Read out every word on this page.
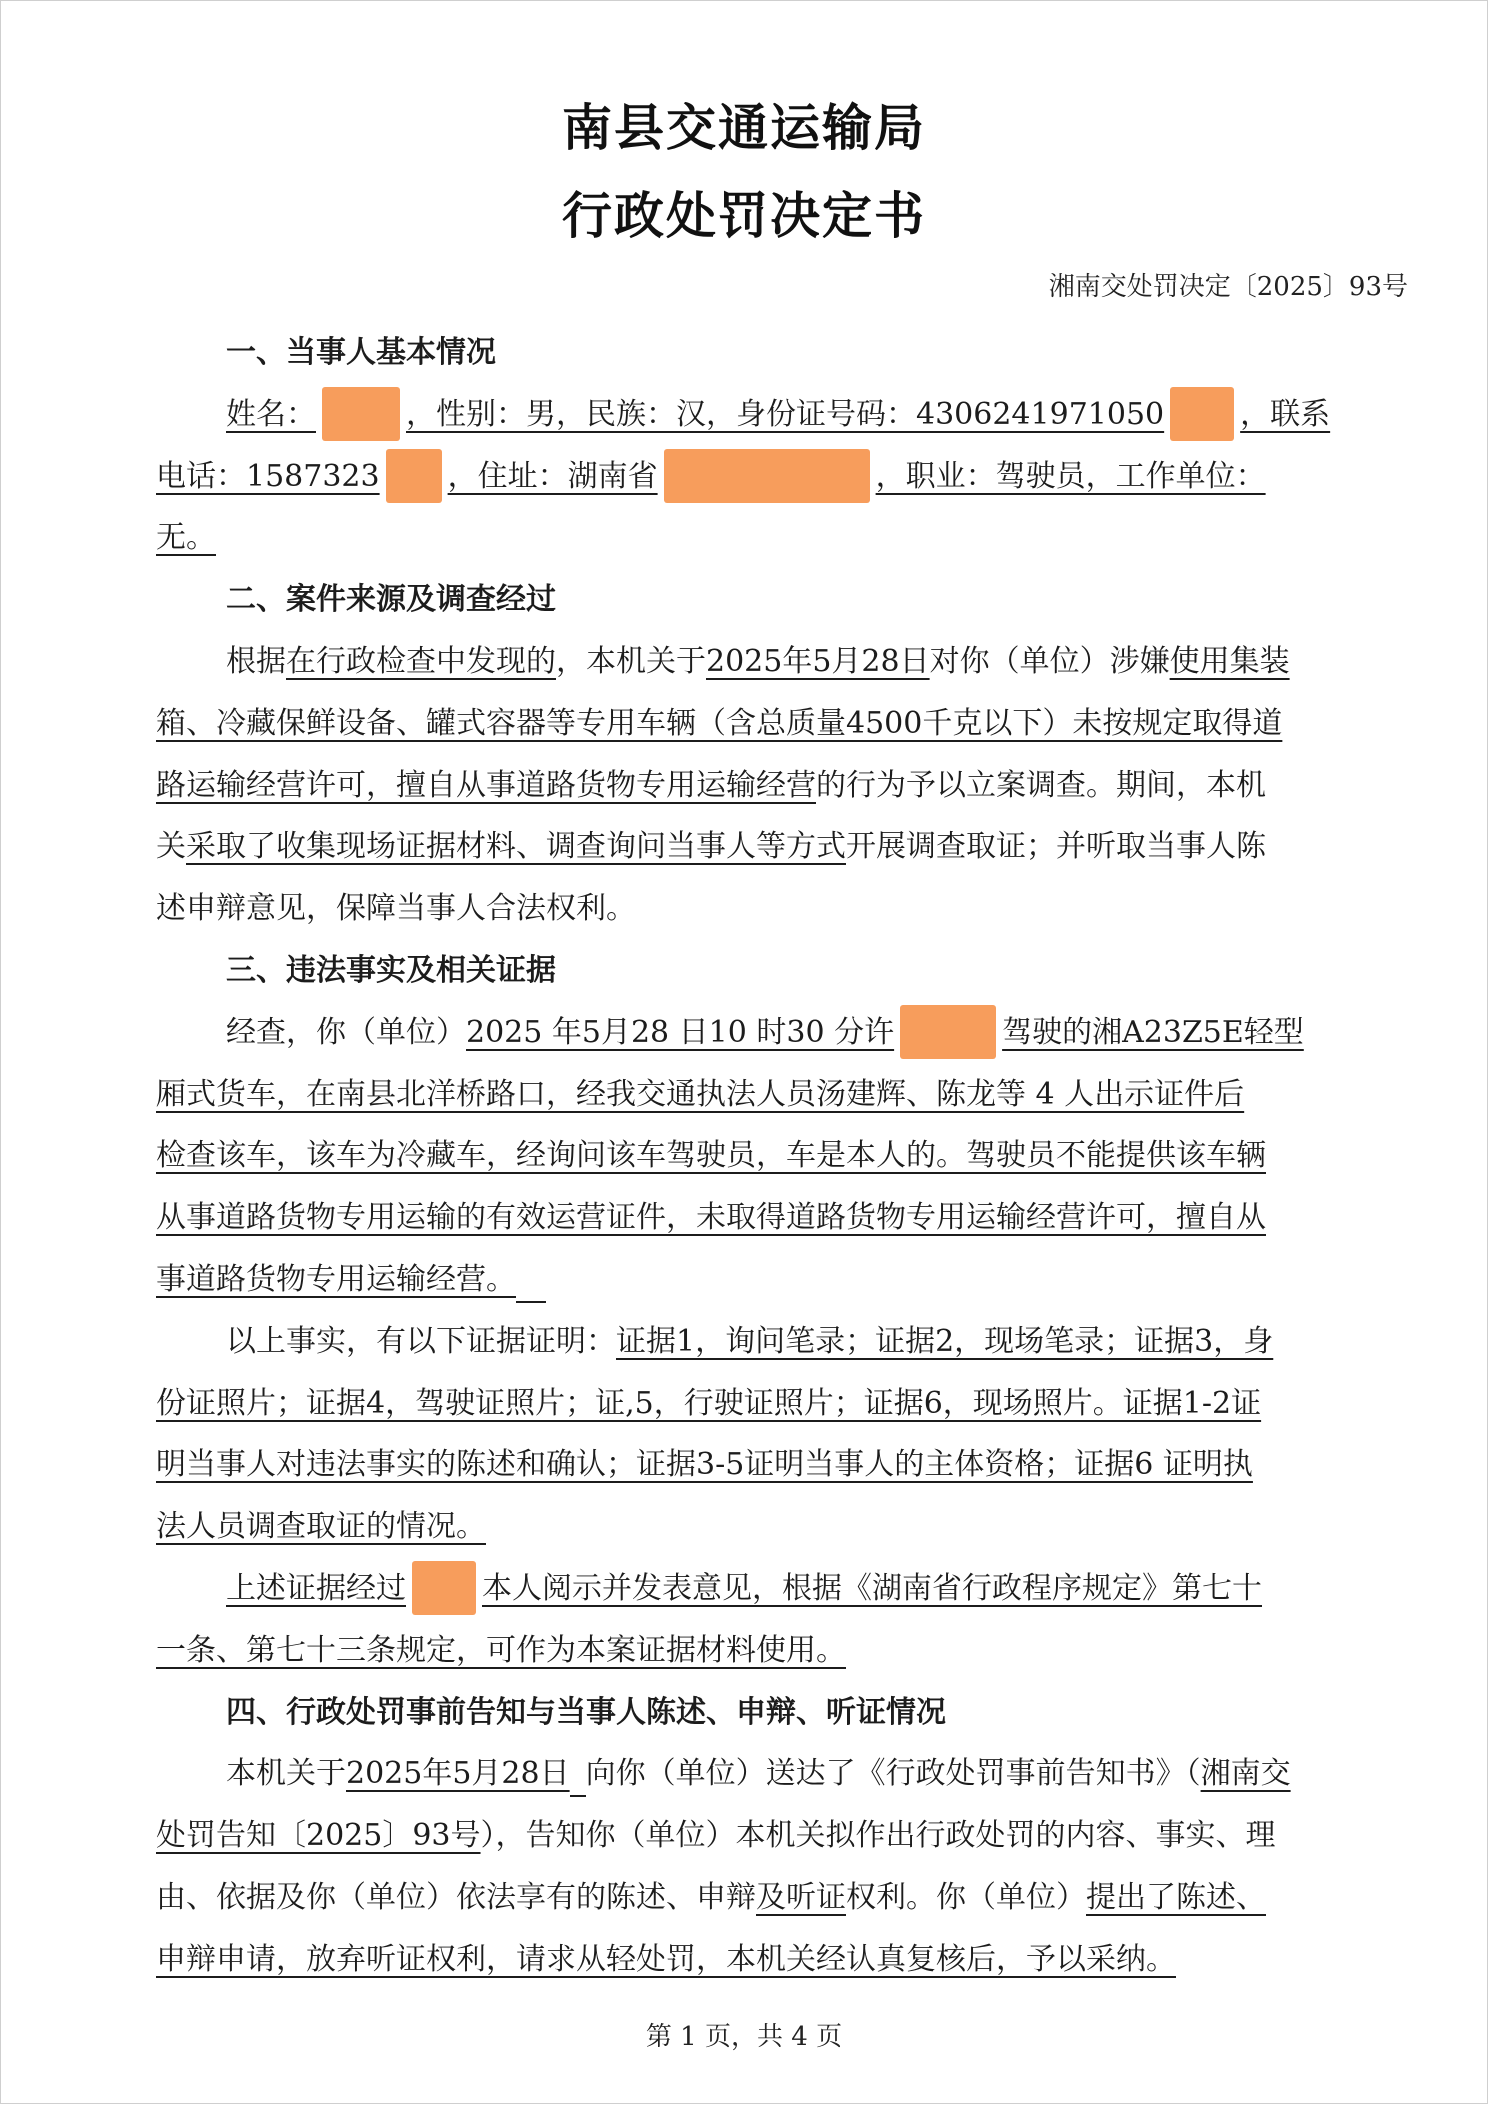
南县交通运输局
行政处罚决定书
湘南交处罚决定〔2025〕93号
一、当事人基本情况
姓名：	，性别：男，民族：汉，身份证号码：4306241971050	，联系
电话：1587323 ，住址：湖南省	，职业：驾驶员，工作单位：
无。
二、案件来源及调查经过
根据在行政检查中发现的，本机关于2025年5月28日对你（单位）涉嫌使用集装
箱、冷藏保鲜设备、罐式容器等专用车辆（含总质量4500千克以下）未按规定取得道
路运输经营许可，擅自从事道路货物专用运输经营的行为予以立案调查。期间，本机
关采取了收集现场证据材料、调查询问当事人等方式开展调查取证；并听取当事人陈
述申辩意见，保障当事人合法权利。
三、违法事实及相关证据
经查，你（单位）2025 年5月28 日10 时30 分许	驾驶的湘A23Z5E轻型
厢式货车，在南县北洋桥路口，经我交通执法人员汤建辉、陈龙等 4 人出示证件后
检查该车，该车为冷藏车，经询问该车驾驶员，车是本人的。驾驶员不能提供该车辆
从事道路货物专用运输的有效运营证件，未取得道路货物专用运输经营许可，擅自从
事道路货物专用运输经营。
以上事实，有以下证据证明：证据1，询问笔录；证据2，现场笔录；证据3，身
份证照片；证据4，驾驶证照片；证,5，行驶证照片；证据6，现场照片。证据1-2证
明当事人对违法事实的陈述和确认；证据3-5证明当事人的主体资格；证据6 证明执
法人员调查取证的情况。
上述证据经过	本人阅示并发表意见，根据《湖南省行政程序规定》第七十
一条、第七十三条规定，可作为本案证据材料使用。
四、行政处罚事前告知与当事人陈述、申辩、听证情况
本机关于2025年5月28日 向你（单位）送达了《行政处罚事前告知书》（湘南交
处罚告知〔2025〕93号），告知你（单位）本机关拟作出行政处罚的内容、事实、理
由、依据及你（单位）依法享有的陈述、申辩及听证权利。你（单位）提出了陈述、
申辩申请，放弃听证权利，请求从轻处罚，本机关经认真复核后，予以采纳。
第 1 页，共 4 页
